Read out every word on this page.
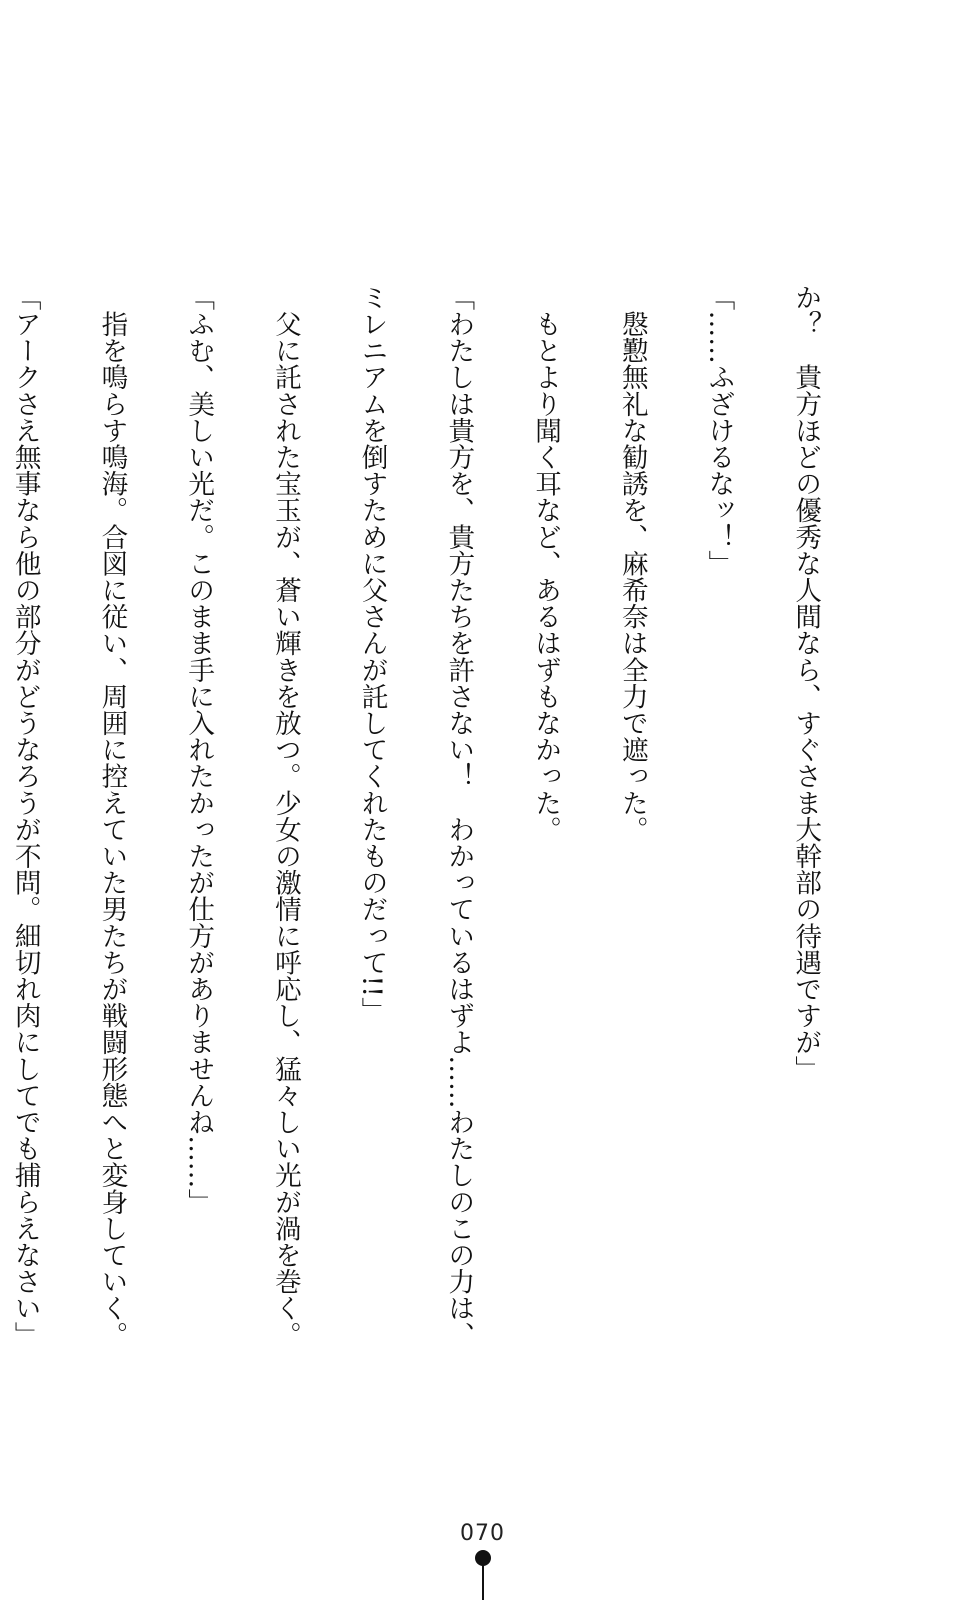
か？　貴方ほどの優秀な人間なら、すぐさま大幹部の待遇ですが」

「……ふざけるなッ！」

　慇懃無礼な勧誘を、麻希奈は全力で遮った。

　もとより聞く耳など、あるはずもなかった。

「わたしは貴方を、貴方たちを許さない！　わかっているはずよ……わたしのこの力は、

ミレニアムを倒すために父さんが託してくれたものだって!!」

　父に託された宝玉が、蒼い輝きを放つ。少女の激情に呼応し、猛々しい光が渦を巻く。

「ふむ、美しい光だ。このまま手に入れたかったが仕方がありませんね……」

　指を鳴らす鳴海。合図に従い、周囲に控えていた男たちが戦闘形態へと変身していく。

「アークさえ無事なら他の部分がどうなろうが不問。細切れ肉にしてでも捕らえなさい」

070
